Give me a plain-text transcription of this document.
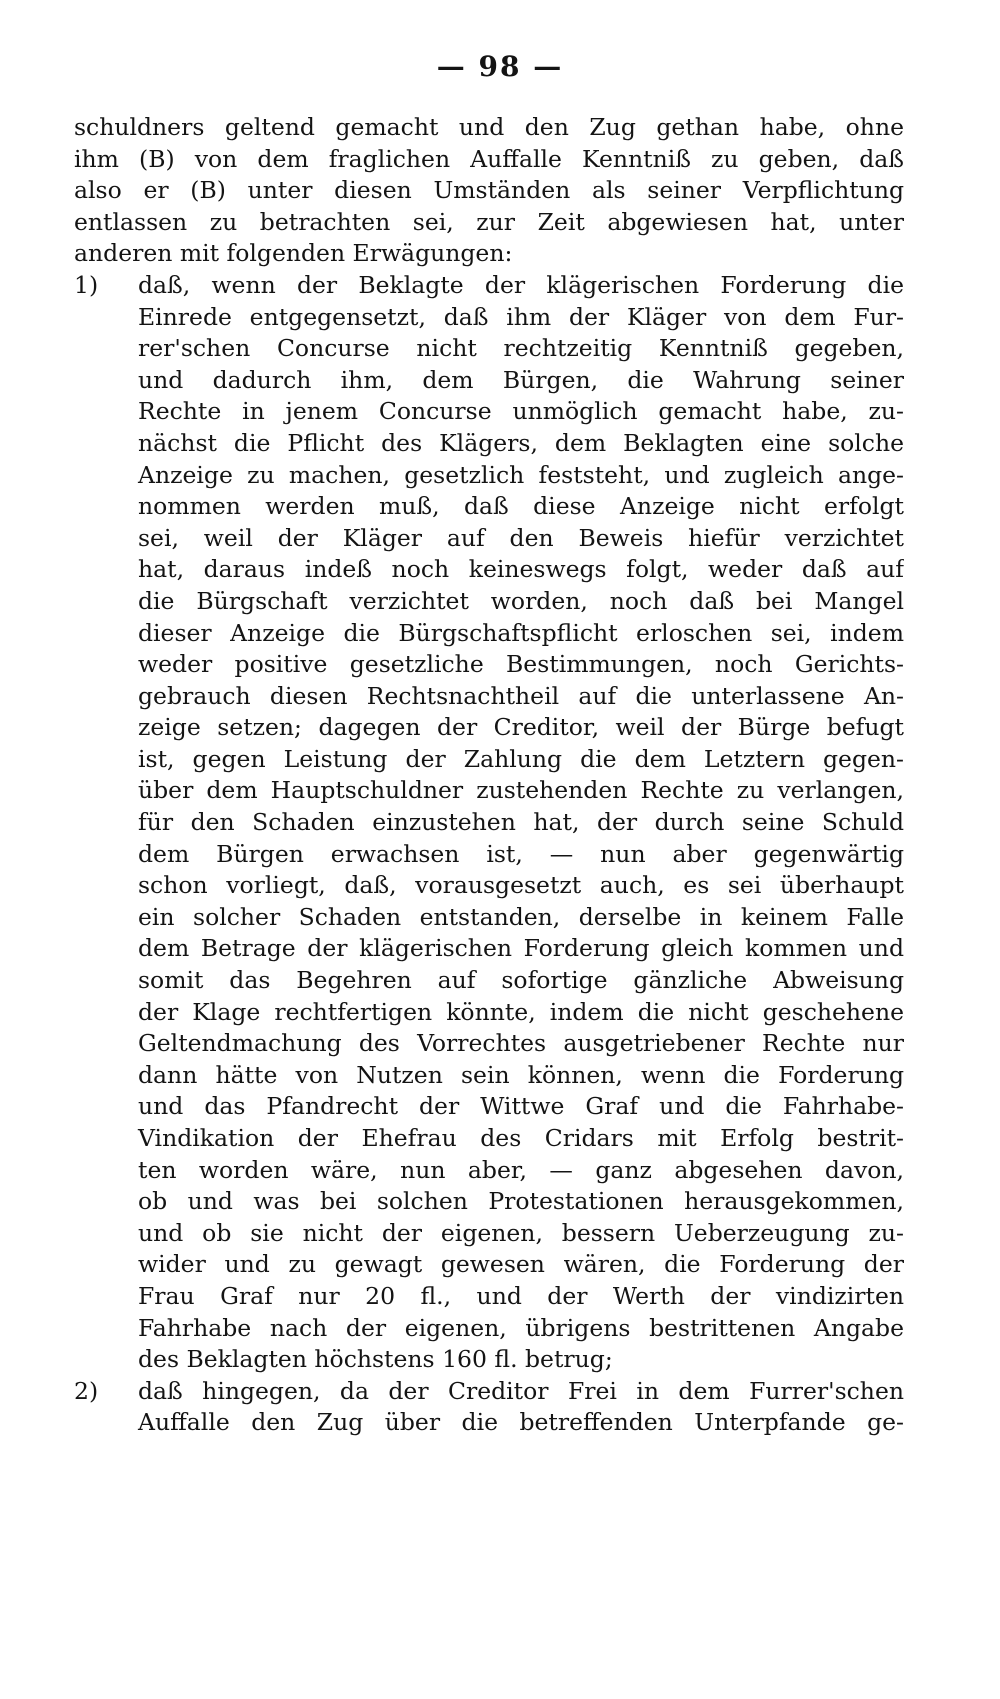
— 98 —
schuldners geltend gemacht und den Zug gethan habe, ohne
ihm (B) von dem fraglichen Auffalle Kenntniß zu geben, daß
also er (B) unter diesen Umständen als seiner Verpflichtung
entlassen zu betrachten sei, zur Zeit abgewiesen hat, unter
anderen mit folgenden Erwägungen:
1)	daß, wenn der Beklagte der klägerischen Forderung die
Einrede entgegensetzt, daß ihm der Kläger von dem Fur-
rer'schen Concurse nicht rechtzeitig Kenntniß gegeben,
und dadurch ihm, dem Bürgen, die Wahrung seiner
Rechte in jenem Concurse unmöglich gemacht habe, zu-
nächst die Pflicht des Klägers, dem Beklagten eine solche
Anzeige zu machen, gesetzlich feststeht, und zugleich ange-
nommen werden muß, daß diese Anzeige nicht erfolgt
sei, weil der Kläger auf den Beweis hiefür verzichtet
hat, daraus indeß noch keineswegs folgt, weder daß auf
die Bürgschaft verzichtet worden, noch daß bei Mangel
dieser Anzeige die Bürgschaftspflicht erloschen sei, indem
weder positive gesetzliche Bestimmungen, noch Gerichts-
gebrauch diesen Rechtsnachtheil auf die unterlassene An-
zeige setzen; dagegen der Creditor, weil der Bürge befugt
ist, gegen Leistung der Zahlung die dem Letztern gegen-
über dem Hauptschuldner zustehenden Rechte zu verlangen,
für den Schaden einzustehen hat, der durch seine Schuld
dem Bürgen erwachsen ist, — nun aber gegenwärtig
schon vorliegt, daß, vorausgesetzt auch, es sei überhaupt
ein solcher Schaden entstanden, derselbe in keinem Falle
dem Betrage der klägerischen Forderung gleich kommen und
somit das Begehren auf sofortige gänzliche Abweisung
der Klage rechtfertigen könnte, indem die nicht geschehene
Geltendmachung des Vorrechtes ausgetriebener Rechte nur
dann hätte von Nutzen sein können, wenn die Forderung
und das Pfandrecht der Wittwe Graf und die Fahrhabe-
Vindikation der Ehefrau des Cridars mit Erfolg bestrit-
ten worden wäre, nun aber, — ganz abgesehen davon,
ob und was bei solchen Protestationen herausgekommen,
und ob sie nicht der eigenen, bessern Ueberzeugung zu-
wider und zu gewagt gewesen wären, die Forderung der
Frau Graf nur 20 fl., und der Werth der vindizirten
Fahrhabe nach der eigenen, übrigens bestrittenen Angabe
des Beklagten höchstens 160 fl. betrug;
2)	daß hingegen, da der Creditor Frei in dem Furrer'schen
Auffalle den Zug über die betreffenden Unterpfande ge-
